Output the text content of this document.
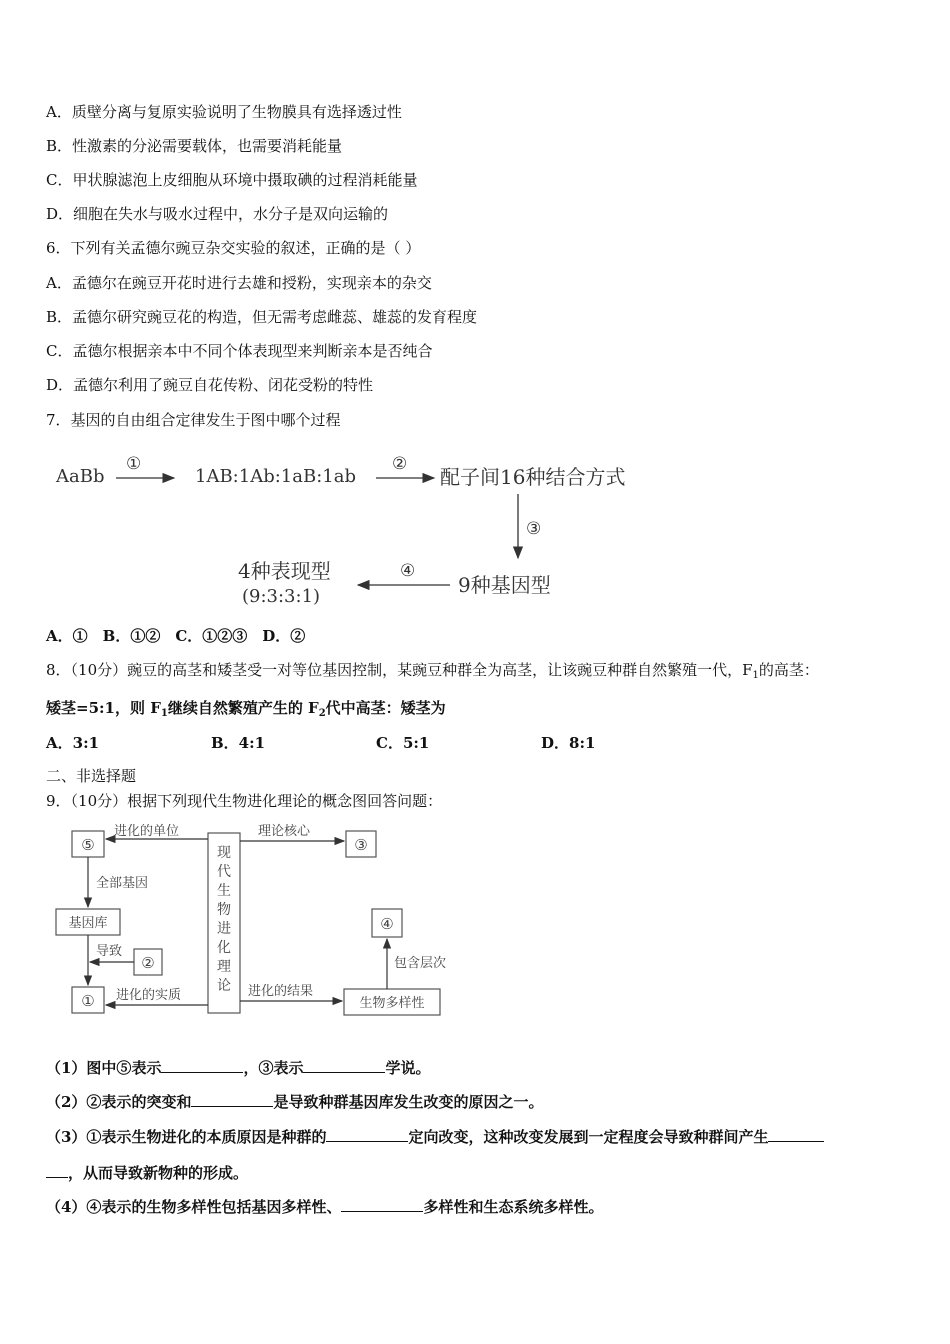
A．质壁分离与复原实验说明了生物膜具有选择透过性
B．性激素的分泌需要载体，也需要消耗能量
C．甲状腺滤泡上皮细胞从环境中摄取碘的过程消耗能量
D．细胞在失水与吸水过程中，水分子是双向运输的
6．下列有关孟德尔豌豆杂交实验的叙述，正确的是（ ）
A．孟德尔在豌豆开花时进行去雄和授粉，实现亲本的杂交
B．孟德尔研究豌豆花的构造，但无需考虑雌蕊、雄蕊的发育程度
C．孟德尔根据亲本中不同个体表现型来判断亲本是否纯合
D．孟德尔利用了豌豆自花传粉、闭花受粉的特性
7．基因的自由组合定律发生于图中哪个过程
AaBb
①
1AB:1Ab:1aB:1ab
②
配子间16种结合方式
③
9种基因型
④
4种表现型
(9:3:3:1)
A．①　B．①②　C．①②③　D．②
8．（10分）豌豆的高茎和矮茎受一对等位基因控制，某豌豆种群全为高茎，让该豌豆种群自然繁殖一代，$F_1$的高茎：
矮茎=5:1，则 $F_1$继续自然繁殖产生的 $F_2$代中高茎：矮茎为
A．3:1	B．4:1	C．5:1	D．8:1
二、非选择题
9．（10分）根据下列现代生物进化理论的概念图回答问题：
现
代
生
物
进
化
理
论
⑤
进化的单位
③
理论核心
全部基因
基因库
导致
②
① 进化的实质
生物多样性
进化的结果
④
包含层次
（1）图中⑤表示	，③表示	学说。
（2）②表示的突变和	是导致种群基因库发生改变的原因之一。
（3）①表示生物进化的本质原因是种群的	定向改变，这种改变发展到一定程度会导致种群间产生
，从而导致新物种的形成。
（4）④表示的生物多样性包括基因多样性、	多样性和生态系统多样性。
